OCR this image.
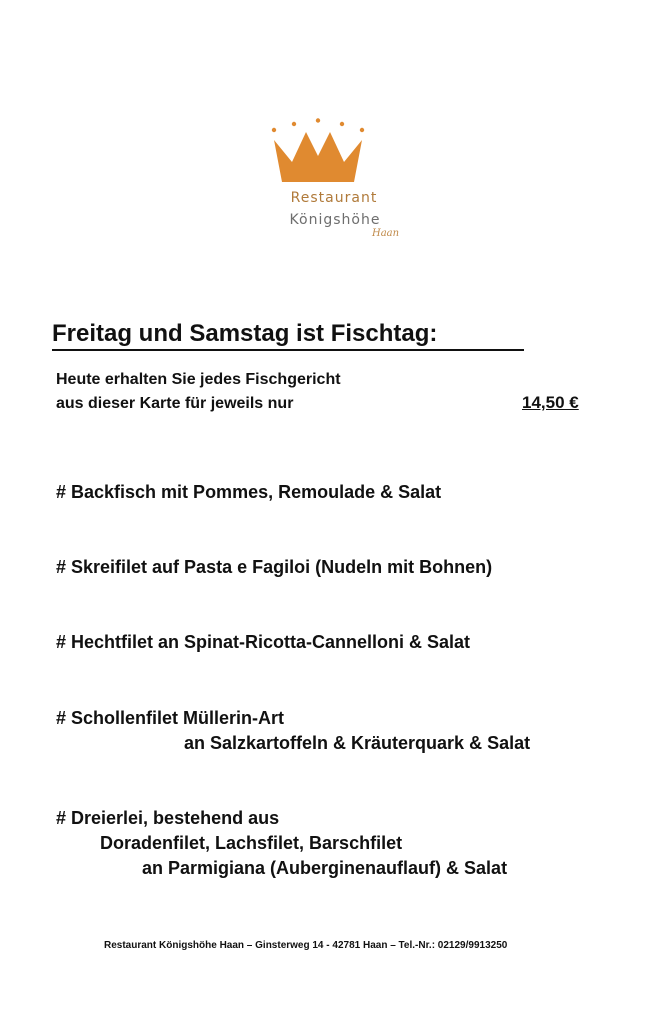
Restaurant
Königshöhe
Haan
Freitag und Samstag ist Fischtag:
Heute erhalten Sie jedes Fischgericht
aus dieser Karte für jeweils nur	14,50 €
# Backfisch mit Pommes, Remoulade & Salat
# Skreifilet auf Pasta e Fagiloi (Nudeln mit Bohnen)
# Hechtfilet an Spinat-Ricotta-Cannelloni & Salat
# Schollenfilet Müllerin-Art
an Salzkartoffeln & Kräuterquark & Salat
# Dreierlei, bestehend aus
Doradenfilet, Lachsfilet, Barschfilet
an Parmigiana (Auberginenauflauf) & Salat
Restaurant Königshöhe Haan – Ginsterweg 14 - 42781 Haan – Tel.-Nr.: 02129/9913250
